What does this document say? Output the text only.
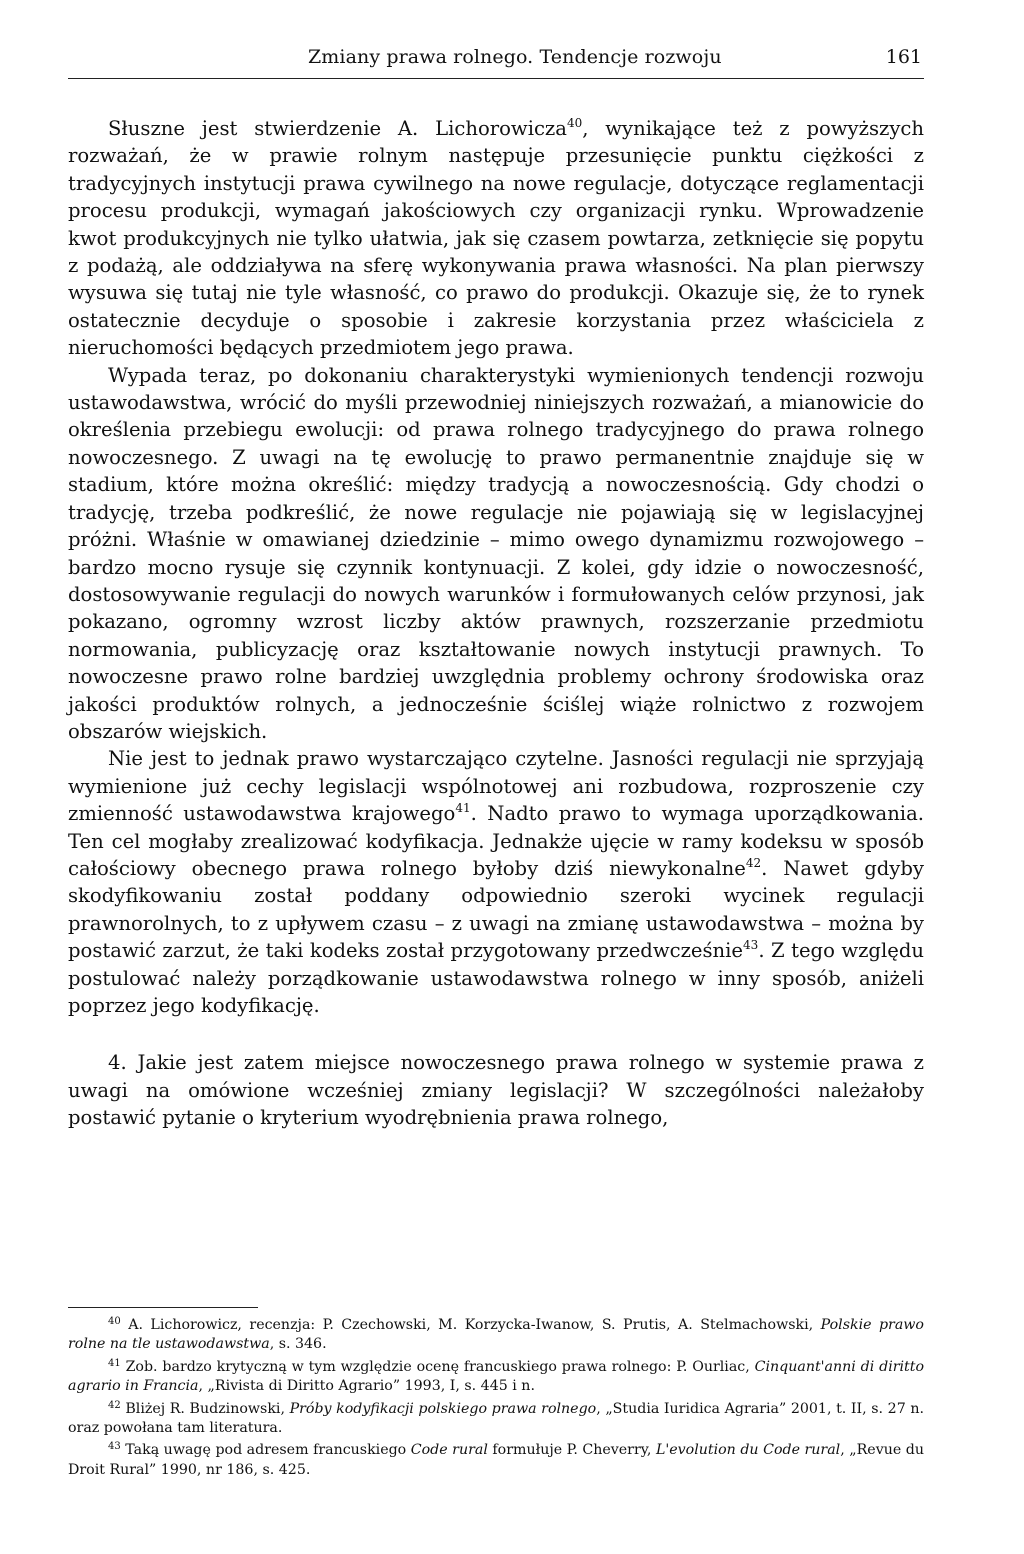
Zmiany prawa rolnego. Tendencje rozwoju	161

Słuszne jest stwierdzenie A. Lichorowicza$^{40}$, wynikające też z powyższych rozważań, że w prawie rolnym następuje przesunięcie punktu ciężkości z tradycyjnych instytucji prawa cywilnego na nowe regulacje, dotyczące reglamentacji procesu produkcji, wymagań jakościowych czy organizacji rynku. Wprowadzenie kwot produkcyjnych nie tylko ułatwia, jak się czasem powtarza, zetknięcie się popytu z podażą, ale oddziaływa na sferę wykonywania prawa własności. Na plan pierwszy wysuwa się tutaj nie tyle własność, co prawo do produkcji. Okazuje się, że to rynek ostatecznie decyduje o sposobie i zakresie korzystania przez właściciela z nieruchomości będących przedmiotem jego prawa.

Wypada teraz, po dokonaniu charakterystyki wymienionych tendencji rozwoju ustawodawstwa, wrócić do myśli przewodniej niniejszych rozważań, a mianowicie do określenia przebiegu ewolucji: od prawa rolnego tradycyjnego do prawa rolnego nowoczesnego. Z uwagi na tę ewolucję to prawo permanentnie znajduje się w stadium, które można określić: między tradycją a nowoczesnością. Gdy chodzi o tradycję, trzeba podkreślić, że nowe regulacje nie pojawiają się w legislacyjnej próżni. Właśnie w omawianej dziedzinie – mimo owego dynamizmu rozwojowego – bardzo mocno rysuje się czynnik kontynuacji. Z kolei, gdy idzie o nowoczesność, dostosowywanie regulacji do nowych warunków i formułowanych celów przynosi, jak pokazano, ogromny wzrost liczby aktów prawnych, rozszerzanie przedmiotu normowania, publicyzację oraz kształtowanie nowych instytucji prawnych. To nowoczesne prawo rolne bardziej uwzględnia problemy ochrony środowiska oraz jakości produktów rolnych, a jednocześnie ściślej wiąże rolnictwo z rozwojem obszarów wiejskich.

Nie jest to jednak prawo wystarczająco czytelne. Jasności regulacji nie sprzyjają wymienione już cechy legislacji wspólnotowej ani rozbudowa, rozproszenie czy zmienność ustawodawstwa krajowego$^{41}$. Nadto prawo to wymaga uporządkowania. Ten cel mogłaby zrealizować kodyfikacja. Jednakże ujęcie w ramy kodeksu w sposób całościowy obecnego prawa rolnego byłoby dziś niewykonalne$^{42}$. Nawet gdyby skodyfikowaniu został poddany odpowiednio szeroki wycinek regulacji prawnorolnych, to z upływem czasu – z uwagi na zmianę ustawodawstwa – można by postawić zarzut, że taki kodeks został przygotowany przedwcześnie$^{43}$. Z tego względu postulować należy porządkowanie ustawodawstwa rolnego w inny sposób, aniżeli poprzez jego kodyfikację.

4. Jakie jest zatem miejsce nowoczesnego prawa rolnego w systemie prawa z uwagi na omówione wcześniej zmiany legislacji? W szczególności należałoby postawić pytanie o kryterium wyodrębnienia prawa rolnego,

$^{40}$ A. Lichorowicz, recenzja: P. Czechowski, M. Korzycka-Iwanow, S. Prutis, A. Stelmachowski, Polskie prawo rolne na tle ustawodawstwa, s. 346.

$^{41}$ Zob. bardzo krytyczną w tym względzie ocenę francuskiego prawa rolnego: P. Ourliac, Cinquant'anni di diritto agrario in Francia, „Rivista di Diritto Agrario” 1993, I, s. 445 i n.

$^{42}$ Bliżej R. Budzinowski, Próby kodyfikacji polskiego prawa rolnego, „Studia Iuridica Agraria” 2001, t. II, s. 27 n. oraz powołana tam literatura.

$^{43}$ Taką uwagę pod adresem francuskiego Code rural formułuje P. Cheverry, L'evolution du Code rural, „Revue du Droit Rural” 1990, nr 186, s. 425.
